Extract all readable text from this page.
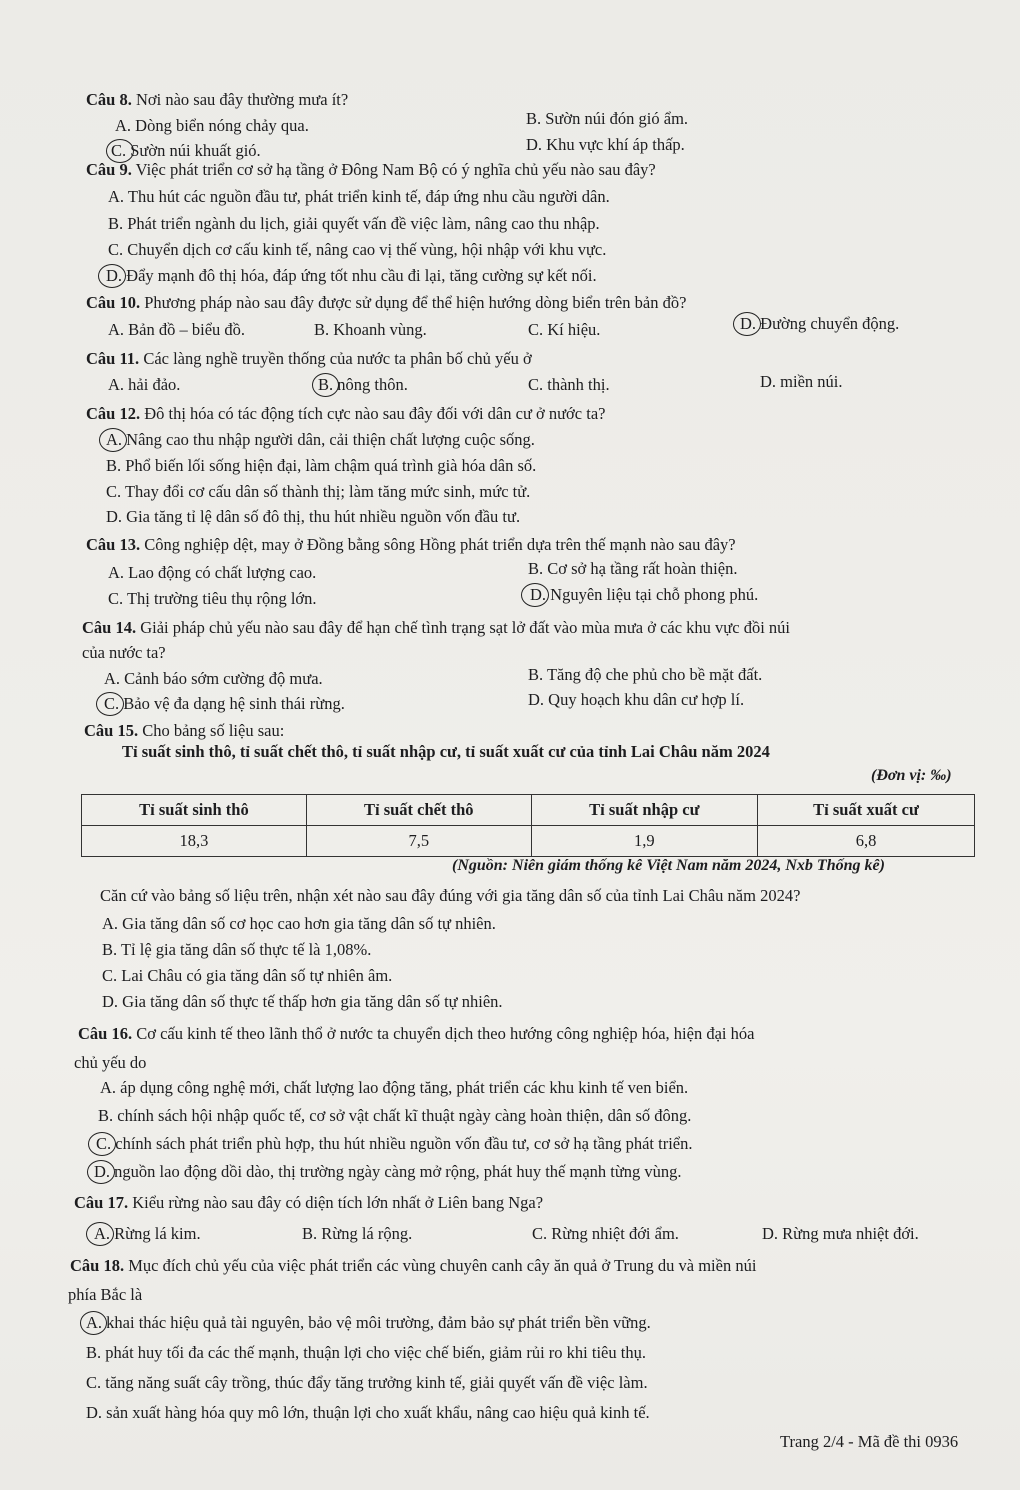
Câu 8. Nơi nào sau đây thường mưa ít?
A. Dòng biển nóng chảy qua.	B. Sườn núi đón gió ẩm.
C. Sườn núi khuất gió.	D. Khu vực khí áp thấp.
Câu 9. Việc phát triển cơ sở hạ tầng ở Đông Nam Bộ có ý nghĩa chủ yếu nào sau đây?
A. Thu hút các nguồn đầu tư, phát triển kinh tế, đáp ứng nhu cầu người dân.
B. Phát triển ngành du lịch, giải quyết vấn đề việc làm, nâng cao thu nhập.
C. Chuyển dịch cơ cấu kinh tế, nâng cao vị thế vùng, hội nhập với khu vực.
D. Đẩy mạnh đô thị hóa, đáp ứng tốt nhu cầu đi lại, tăng cường sự kết nối.
Câu 10. Phương pháp nào sau đây được sử dụng để thể hiện hướng dòng biển trên bản đồ?
A. Bản đồ – biểu đồ.	B. Khoanh vùng.	C. Kí hiệu.	D. Đường chuyển động.
Câu 11. Các làng nghề truyền thống của nước ta phân bố chủ yếu ở
A. hải đảo.	B. nông thôn.	C. thành thị.	D. miền núi.
Câu 12. Đô thị hóa có tác động tích cực nào sau đây đối với dân cư ở nước ta?
A. Nâng cao thu nhập người dân, cải thiện chất lượng cuộc sống.
B. Phổ biến lối sống hiện đại, làm chậm quá trình già hóa dân số.
C. Thay đổi cơ cấu dân số thành thị; làm tăng mức sinh, mức tử.
D. Gia tăng tỉ lệ dân số đô thị, thu hút nhiều nguồn vốn đầu tư.
Câu 13. Công nghiệp dệt, may ở Đồng bằng sông Hồng phát triển dựa trên thế mạnh nào sau đây?
A. Lao động có chất lượng cao.	B. Cơ sở hạ tầng rất hoàn thiện.
C. Thị trường tiêu thụ rộng lớn.	D. Nguyên liệu tại chỗ phong phú.
Câu 14. Giải pháp chủ yếu nào sau đây để hạn chế tình trạng sạt lở đất vào mùa mưa ở các khu vực đồi núi
của nước ta?
A. Cảnh báo sớm cường độ mưa.	B. Tăng độ che phủ cho bề mặt đất.
C. Bảo vệ đa dạng hệ sinh thái rừng.	D. Quy hoạch khu dân cư hợp lí.
Câu 15. Cho bảng số liệu sau:
Tỉ suất sinh thô, tỉ suất chết thô, tỉ suất nhập cư, tỉ suất xuất cư của tỉnh Lai Châu năm 2024
(Đơn vị: ‰)
Tỉ suất sinh thô	Tỉ suất chết thô	Tỉ suất nhập cư	Tỉ suất xuất cư
18,3	7,5	1,9	6,8
(Nguồn: Niên giám thống kê Việt Nam năm 2024, Nxb Thống kê)
Căn cứ vào bảng số liệu trên, nhận xét nào sau đây đúng với gia tăng dân số của tỉnh Lai Châu năm 2024?
A. Gia tăng dân số cơ học cao hơn gia tăng dân số tự nhiên.
B. Tỉ lệ gia tăng dân số thực tế là 1,08%.
C. Lai Châu có gia tăng dân số tự nhiên âm.
D. Gia tăng dân số thực tế thấp hơn gia tăng dân số tự nhiên.
Câu 16. Cơ cấu kinh tế theo lãnh thổ ở nước ta chuyển dịch theo hướng công nghiệp hóa, hiện đại hóa
chủ yếu do
A. áp dụng công nghệ mới, chất lượng lao động tăng, phát triển các khu kinh tế ven biển.
B. chính sách hội nhập quốc tế, cơ sở vật chất kĩ thuật ngày càng hoàn thiện, dân số đông.
C. chính sách phát triển phù hợp, thu hút nhiều nguồn vốn đầu tư, cơ sở hạ tầng phát triển.
D. nguồn lao động dồi dào, thị trường ngày càng mở rộng, phát huy thế mạnh từng vùng.
Câu 17. Kiểu rừng nào sau đây có diện tích lớn nhất ở Liên bang Nga?
A. Rừng lá kim.	B. Rừng lá rộng.	C. Rừng nhiệt đới ẩm.	D. Rừng mưa nhiệt đới.
Câu 18. Mục đích chủ yếu của việc phát triển các vùng chuyên canh cây ăn quả ở Trung du và miền núi
phía Bắc là
A. khai thác hiệu quả tài nguyên, bảo vệ môi trường, đảm bảo sự phát triển bền vững.
B. phát huy tối đa các thế mạnh, thuận lợi cho việc chế biến, giảm rủi ro khi tiêu thụ.
C. tăng năng suất cây trồng, thúc đẩy tăng trưởng kinh tế, giải quyết vấn đề việc làm.
D. sản xuất hàng hóa quy mô lớn, thuận lợi cho xuất khẩu, nâng cao hiệu quả kinh tế.
Trang 2/4 - Mã đề thi 0936
